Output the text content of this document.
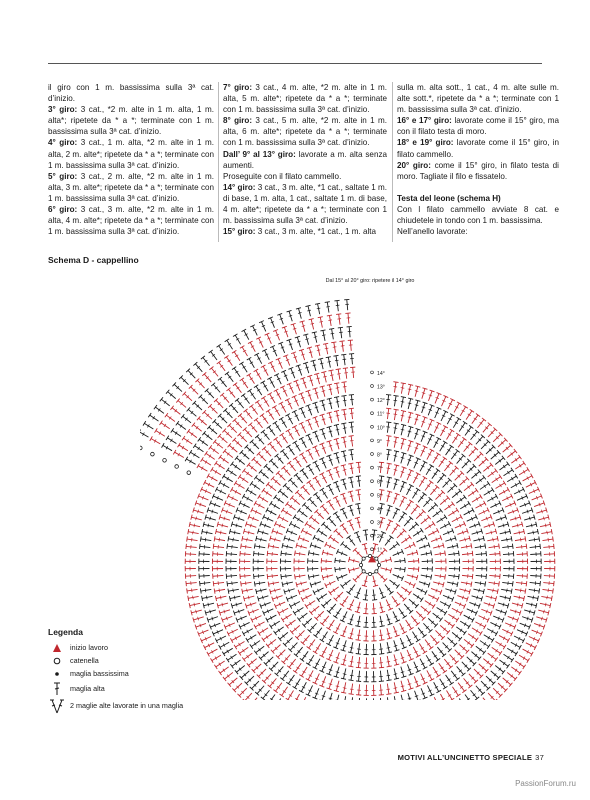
il giro con 1 m. bassissima sulla 3ª cat. d’inizio.

3° giro: 3 cat., *2 m. alte in 1 m. alta, 1 m. alta*; ripetete da * a *; terminate con 1 m. bassissima sulla 3ª cat. d’inizio.

4° giro: 3 cat., 1 m. alta, *2 m. alte in 1 m. alta, 2 m. alte*; ripetete da * a *; terminate con 1 m. bassissima sulla 3ª cat. d’inizio.

5° giro: 3 cat., 2 m. alte, *2 m. alte in 1 m. alta, 3 m. alte*; ripetete da * a *; terminate con 1 m. bassissima sulla 3ª cat. d’inizio.

6° giro: 3 cat., 3 m. alte, *2 m. alte in 1 m. alta, 4 m. alte*; ripetete da * a *; terminate con 1 m. bassissima sulla 3ª cat. d’inizio.

7° giro: 3 cat., 4 m. alte, *2 m. alte in 1 m. alta, 5 m. alte*; ripetete da * a *; terminate con 1 m. bassissima sulla 3ª cat. d’inizio.

8° giro: 3 cat., 5 m. alte, *2 m. alte in 1 m. alta, 6 m. alte*; ripetete da * a *; terminate con 1 m. bassissima sulla 3ª cat. d’inizio.

Dall’ 9° al 13° giro: lavorate a m. alta senza aumenti.

Proseguite con il filato cammello.

14° giro: 3 cat., 3 m. alte, *1 cat., saltate 1 m. di base, 1 m. alta, 1 cat., saltate 1 m. di base, 4 m. alte*; ripetete da * a *; terminate con 1 m. bassissima sulla 3ª cat. d’inizio.

15° giro: 3 cat., 3 m. alte, *1 cat., 1 m. alta

sulla m. alta sott., 1 cat., 4 m. alte sulle m. alte sott.*, ripetete da * a *; terminate con 1 m. bassissima sulla 3ª cat. d’inizio.

16° e 17° giro: lavorate come il 15° giro, ma con il filato testa di moro.

18° e 19° giro: lavorate come il 15° giro, in filato cammello.

20° giro: come il 15° giro, in filato testa di moro. Tagliate il filo e fissatelo.

Testa del leone (schema H)

Con l filato cammello avviate 8 cat. e chiudetele in tondo con 1 m. bassissima.

Nell’anello lavorate:

Schema D - cappellino
1°
2°
3°
4°
5°
6°
7°
8°
9°
10°
11°
12°
13°
14°
Dal 15° al 20° giro: ripetere il 14° giro
Legenda
inizio lavoro
catenella
maglia bassissima
maglia alta
2 maglie alte lavorate in una maglia
MOTIVI ALL’UNCINETTO SPECIALE 37
PassionForum.ru
